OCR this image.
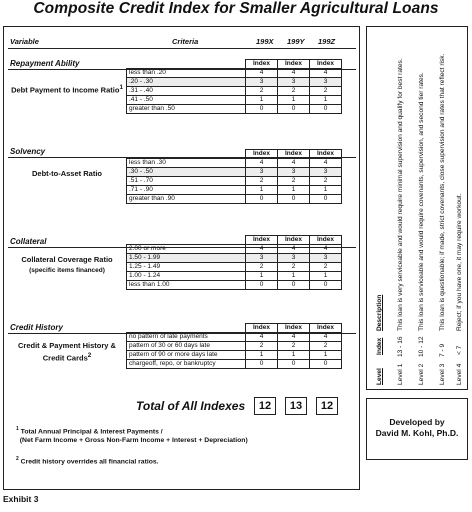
Composite Credit Index for Smaller Agricultural Loans
Variable	Criteria	199X 199Y 199Z
Repayment Ability
Debt Payment to Income Ratio$^1$
	Index	Index	Index
less than .20	4	4	4
.20 - .30	3	3	3
.31 - .40	2	2	2
.41 - .50	1	1	1
greater than .50	0	0	0
Solvency
Debt-to-Asset Ratio
	Index	Index	Index
less than .30	4	4	4
.30 - .50	3	3	3
.51 - .70	2	2	2
.71 - .90	1	1	1
greater than .90	0	0	0
Collateral
Collateral Coverage Ratio
(specific items financed)
	Index	Index	Index
2.00 or more	4	4	4
1.50 - 1.99	3	3	3
1.25 - 1.49	2	2	2
1.00 - 1.24	1	1	1
less than 1.00	0	0	0
Credit History
Credit & Payment History & Credit Cards$^2$
	Index	Index	Index
no pattern of late payments	4	4	4
pattern of 30 or 60 days late	2	2	2
pattern of 90 or more days late	1	1	1
chargeoff, repo, or bankruptcy	0	0	0
Total of All Indexes	12	13	12
$^1$ Total Annual Principal & Interest Payments /
(Net Farm Income + Gross Non-Farm Income + Interest + Depreciation)
$^2$ Credit history overrides all financial ratios.
Level
Index
Description
Level 1
13 - 16
This loan is very serviceable and would require minimal supervision and qualify for best rates.
Level 2
10 - 12
This loan is serviceable and would require covenants, supervision, and second tier rates.
Level 3
7 - 9
This loan is questionable; if made, strict covenants, close supervision and rates that reflect risk.
Level 4
< 7
Reject; if you have one, it may require workout.
Developed by
David M. Kohl, Ph.D.
Exhibit 3
